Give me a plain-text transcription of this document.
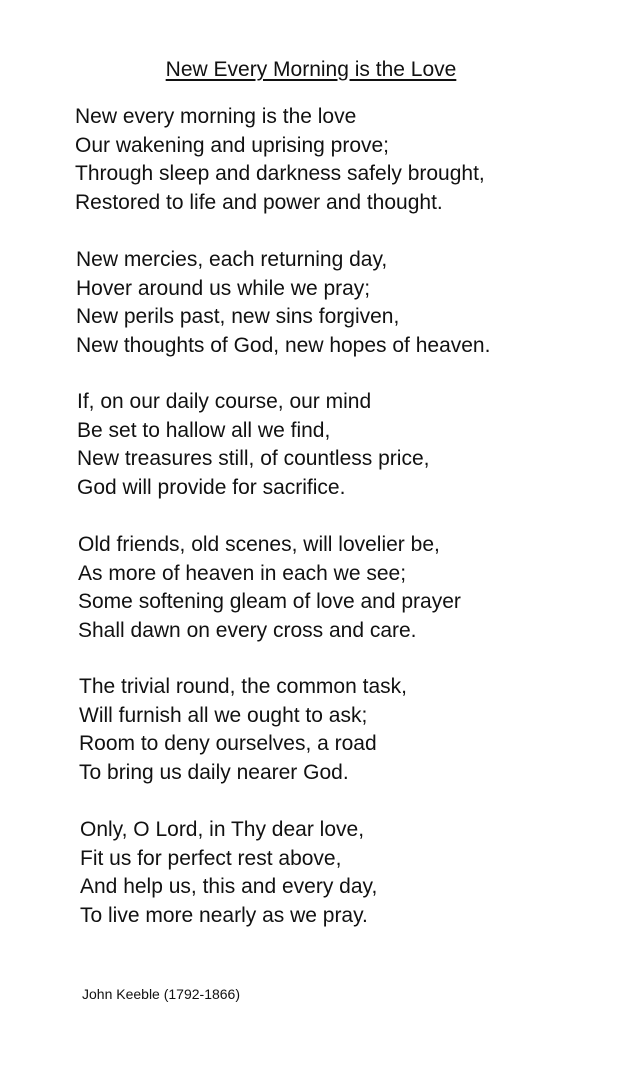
New Every Morning is the Love
New every morning is the love
Our wakening and uprising prove;
Through sleep and darkness safely brought,
Restored to life and power and thought.
New mercies, each returning day,
Hover around us while we pray;
New perils past, new sins forgiven,
New thoughts of God, new hopes of heaven.
If, on our daily course, our mind
Be set to hallow all we find,
New treasures still, of countless price,
God will provide for sacrifice.
Old friends, old scenes, will lovelier be,
As more of heaven in each we see;
Some softening gleam of love and prayer
Shall dawn on every cross and care.
The trivial round, the common task,
Will furnish all we ought to ask;
Room to deny ourselves, a road
To bring us daily nearer God.
Only, O Lord, in Thy dear love,
Fit us for perfect rest above,
And help us, this and every day,
To live more nearly as we pray.
John Keeble (1792-1866)
